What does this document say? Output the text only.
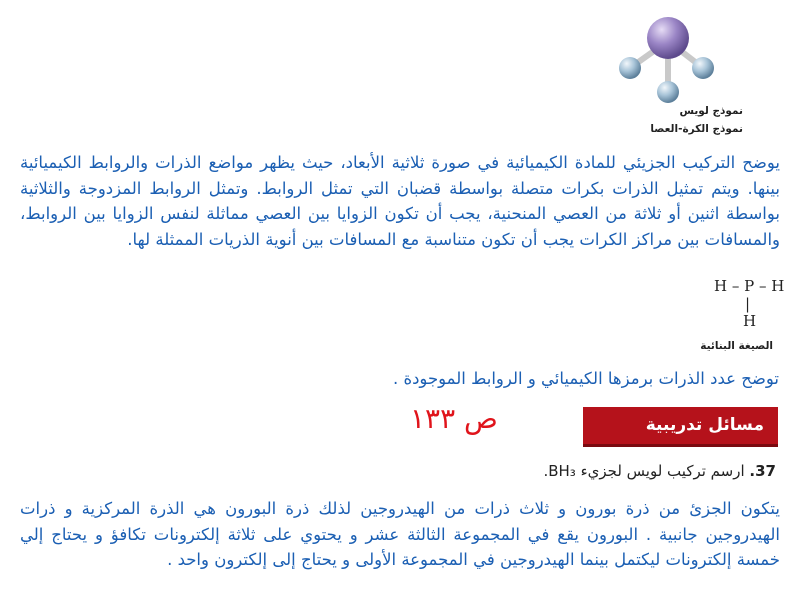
نموذج لويس
نموذج الكرة-العصا
يوضح التركيب الجزيئي للمادة الكيميائية في صورة ثلاثية الأبعاد، حيث يظهر مواضع الذرات والروابط الكيميائية بينها. ويتم تمثيل الذرات بكرات متصلة بواسطة قضبان التي تمثل الروابط. وتمثل الروابط المزدوجة والثلاثية بواسطة اثنين أو ثلاثة من العصي المنحنية، يجب أن تكون الزوايا بين العصي مماثلة لنفس الزوايا بين الروابط، والمسافات بين مراكز الكرات يجب أن تكون متناسبة مع المسافات بين أنوية الذريات الممثلة لها.
H – P – H
|
H
الصيغة البنائية
توضح عدد الذرات برمزها الكيميائي و الروابط الموجودة .
ص ١٣٣	مسائل تدريبية
37. ارسم تركيب لويس لجزيء BH₃.
يتكون الجزئ من ذرة بورون و ثلاث ذرات من الهيدروجين لذلك ذرة البورون هي الذرة المركزية و ذرات الهيدروجين جانبية . البورون يقع في المجموعة الثالثة عشر و يحتوي على ثلاثة إلكترونات تكافؤ و يحتاج إلي خمسة إلكترونات ليكتمل بينما الهيدروجين في المجموعة الأولى و يحتاج إلى إلكترون واحد .
